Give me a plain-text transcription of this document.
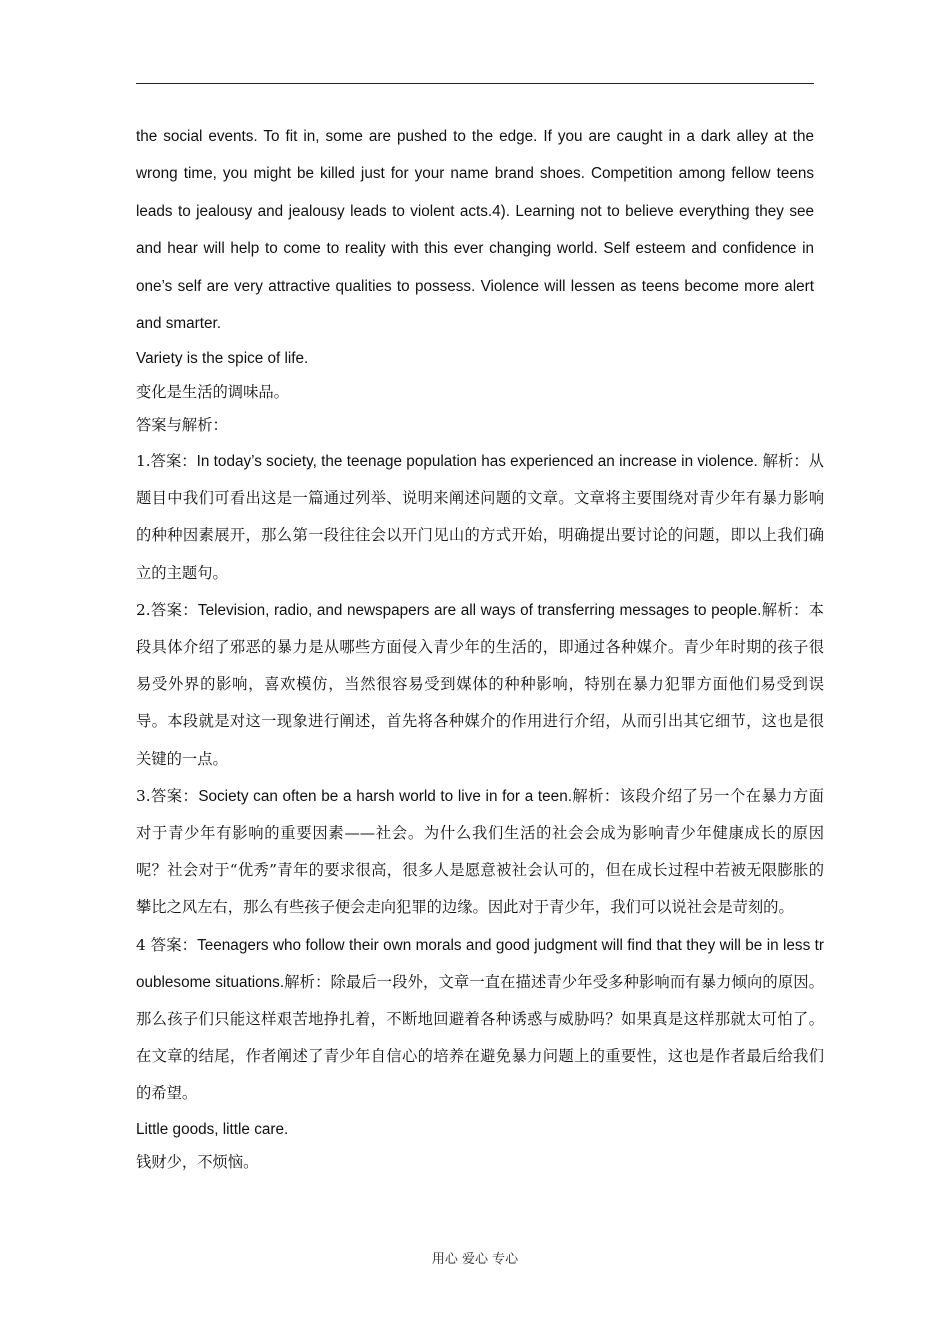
the social events. To fit in, some are pushed to the edge. If you are caught in a dark alley at the wrong time, you might be killed just for your name brand shoes. Competition among fellow teens leads to jealousy and jealousy leads to violent acts.4). Learning not to believe everything they see and hear will help to come to reality with this ever changing world. Self esteem and confidence in one’s self are very attractive qualities to possess. Violence will lessen as teens become more alert and smarter.

Variety is the spice of life.

变化是生活的调味品。

答案与解析：

1.答案：In today’s society, the teenage population has experienced an increase in violence. 解析：从题目中我们可看出这是一篇通过列举、说明来阐述问题的文章。文章将主要围绕对青少年有暴力影响的种种因素展开，那么第一段往往会以开门见山的方式开始，明确提出要讨论的问题，即以上我们确立的主题句。

2.答案：Television, radio, and newspapers are all ways of transferring messages to people.解析：本段具体介绍了邪恶的暴力是从哪些方面侵入青少年的生活的，即通过各种媒介。青少年时期的孩子很易受外界的影响，喜欢模仿，当然很容易受到媒体的种种影响，特别在暴力犯罪方面他们易受到误导。本段就是对这一现象进行阐述，首先将各种媒介的作用进行介绍，从而引出其它细节，这也是很关键的一点。

3.答案：Society can often be a harsh world to live in for a teen.解析：该段介绍了另一个在暴力方面对于青少年有影响的重要因素——社会。为什么我们生活的社会会成为影响青少年健康成长的原因呢？社会对于“优秀”青年的要求很高，很多人是愿意被社会认可的，但在成长过程中若被无限膨胀的攀比之风左右，那么有些孩子便会走向犯罪的边缘。因此对于青少年，我们可以说社会是苛刻的。

4 答案：Teenagers who follow their own morals and good judgment will find that they will be in less troublesome situations.解析：除最后一段外，文章一直在描述青少年受多种影响而有暴力倾向的原因。那么孩子们只能这样艰苦地挣扎着，不断地回避着各种诱惑与威胁吗？如果真是这样那就太可怕了。在文章的结尾，作者阐述了青少年自信心的培养在避免暴力问题上的重要性，这也是作者最后给我们的希望。

Little goods, little care.

钱财少，不烦恼。

用心 爱心 专心
